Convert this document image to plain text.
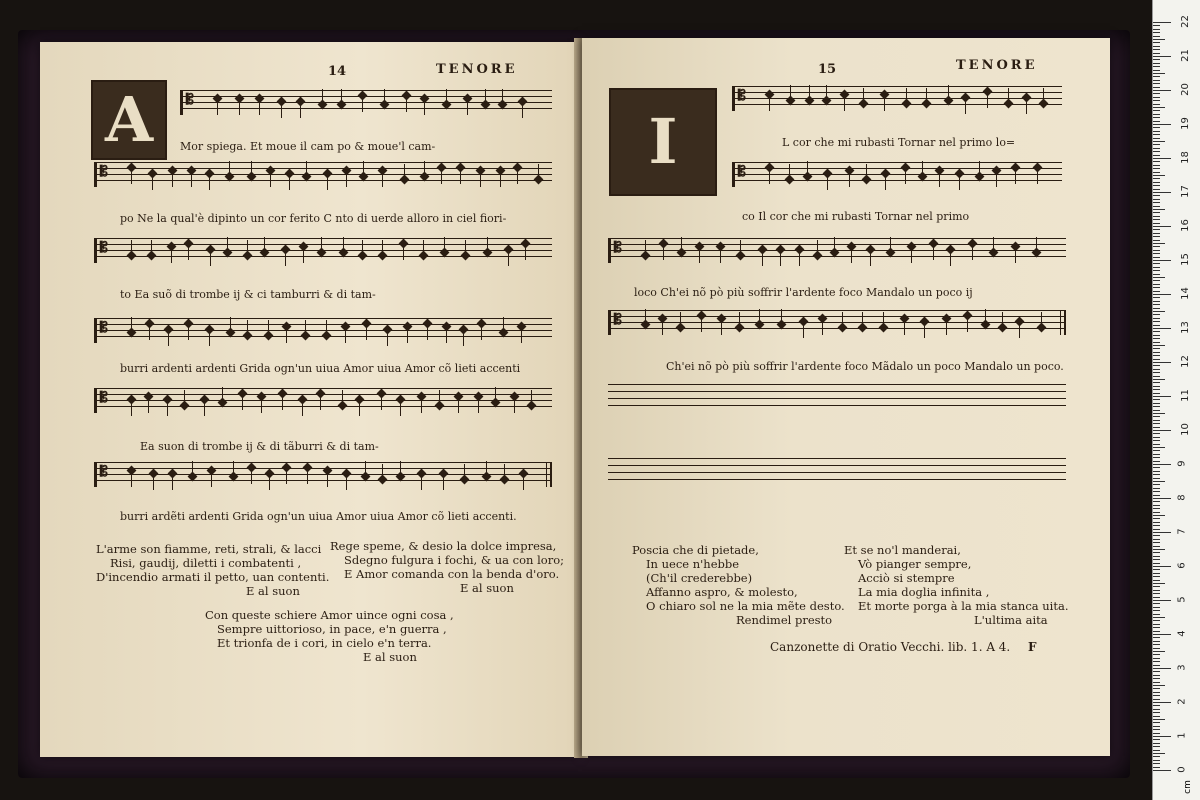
14	TENORE
A 𝄡
Mor spiega. Et moue il cam po & moue'l cam-
𝄡
po Ne la qual'è dipinto un cor ferito C nto di uerde alloro in ciel fiori-
𝄡
to Ea suõ di trombe ij & ci tamburri & di tam-
𝄡
burri ardenti ardenti Grida ogn'un uiua Amor uiua Amor cõ lieti accenti
𝄡
Ea suon di trombe ij & di tãburri & di tam-
𝄡
burri ardẽti ardenti Grida ogn'un uiua Amor uiua Amor cõ lieti accenti.
L'arme son fiamme, reti, strali, & lacci
Risi, gaudij, diletti i combatenti ,
D'incendio armati il petto, uan contenti.
E al suon
Rege speme, & desio la dolce impresa,
Sdegno fulgura i fochi, & ua con loro;
E Amor comanda con la benda d'oro.
E al suon
Con queste schiere Amor uince ogni cosa ,
Sempre uittorioso, in pace, e'n guerra ,
Et trionfa de i cori, in cielo e'n terra.
E al suon
15	TENORE
I
𝄡
L cor che mi rubasti Tornar nel primo lo=
𝄡
co Il cor che mi rubasti Tornar nel primo
𝄡
loco Ch'ei nõ pò più soffrir l'ardente foco Mandalo un poco ij
𝄡
Ch'ei nõ pò più soffrir l'ardente foco Mãdalo un poco Mandalo un poco.
Poscia che di pietade,
In uece n'hebbe
(Ch'il crederebbe)
Affanno aspro, & molesto,
O chiaro sol ne la mia mẽte desto.
Rendimel presto
Et se no'l manderai,
Vò pianger sempre,
Acciò si stempre
La mia doglia infinita ,
Et morte porga à la mia stanca uita.
L'ultima aita
Canzonette di Oratio Vecchi. lib. 1. A 4. F
cm
22
21
20
19
18
17
16
15
14
13
12
11
10
9
8
7
6
5
4
3
2
1
0
